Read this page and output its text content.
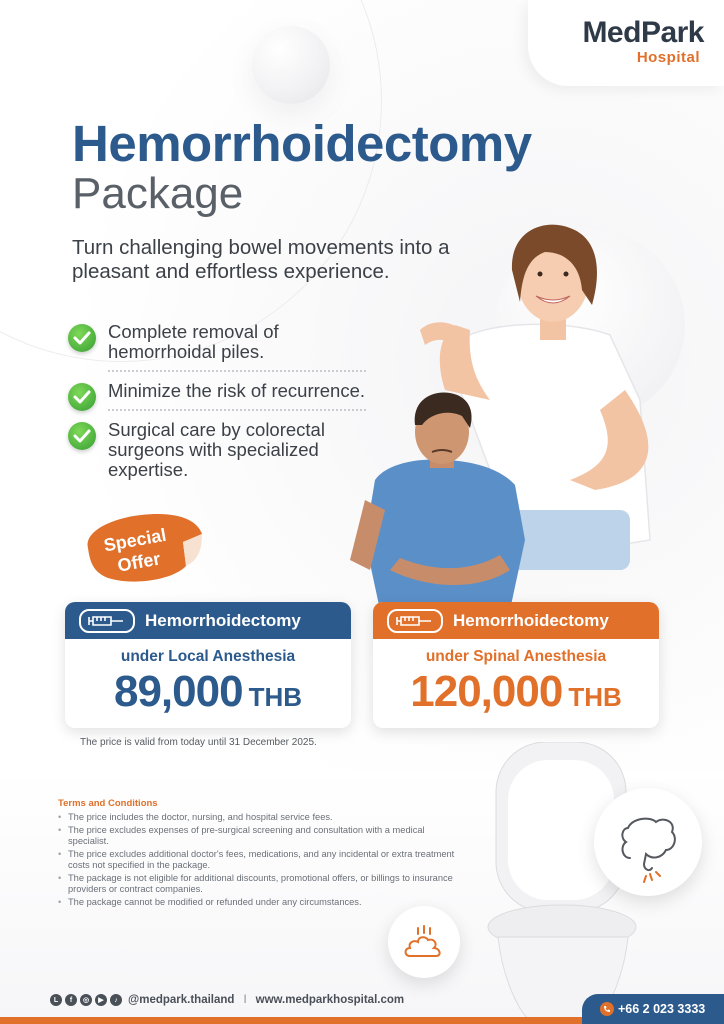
MedPark
Hospital
Hemorrhoidectomy
Package
Turn challenging bowel movements into a pleasant and effortless experience.
Complete removal of hemorrhoidal piles.
Minimize the risk of recurrence.
Surgical care by colorectal surgeons with specialized expertise.
Special
Offer
Hemorrhoidectomy
under Local Anesthesia
89,000 THB
Hemorrhoidectomy
under Spinal Anesthesia
120,000 THB
The price is valid from today until 31 December 2025.
Terms and Conditions
• The price includes the doctor, nursing, and hospital service fees.
• The price excludes expenses of pre-surgical screening and consultation with a medical specialist.
• The price excludes additional doctor's fees, medications, and any incidental or extra treatment costs not specified in the package.
• The package is not eligible for additional discounts, promotional offers, or billings to insurance providers or contract companies.
• The package cannot be modified or refunded under any circumstances.
L	f	◎	▶	♪ @medpark.thailand I www.medparkhospital.com
+66 2 023 3333
